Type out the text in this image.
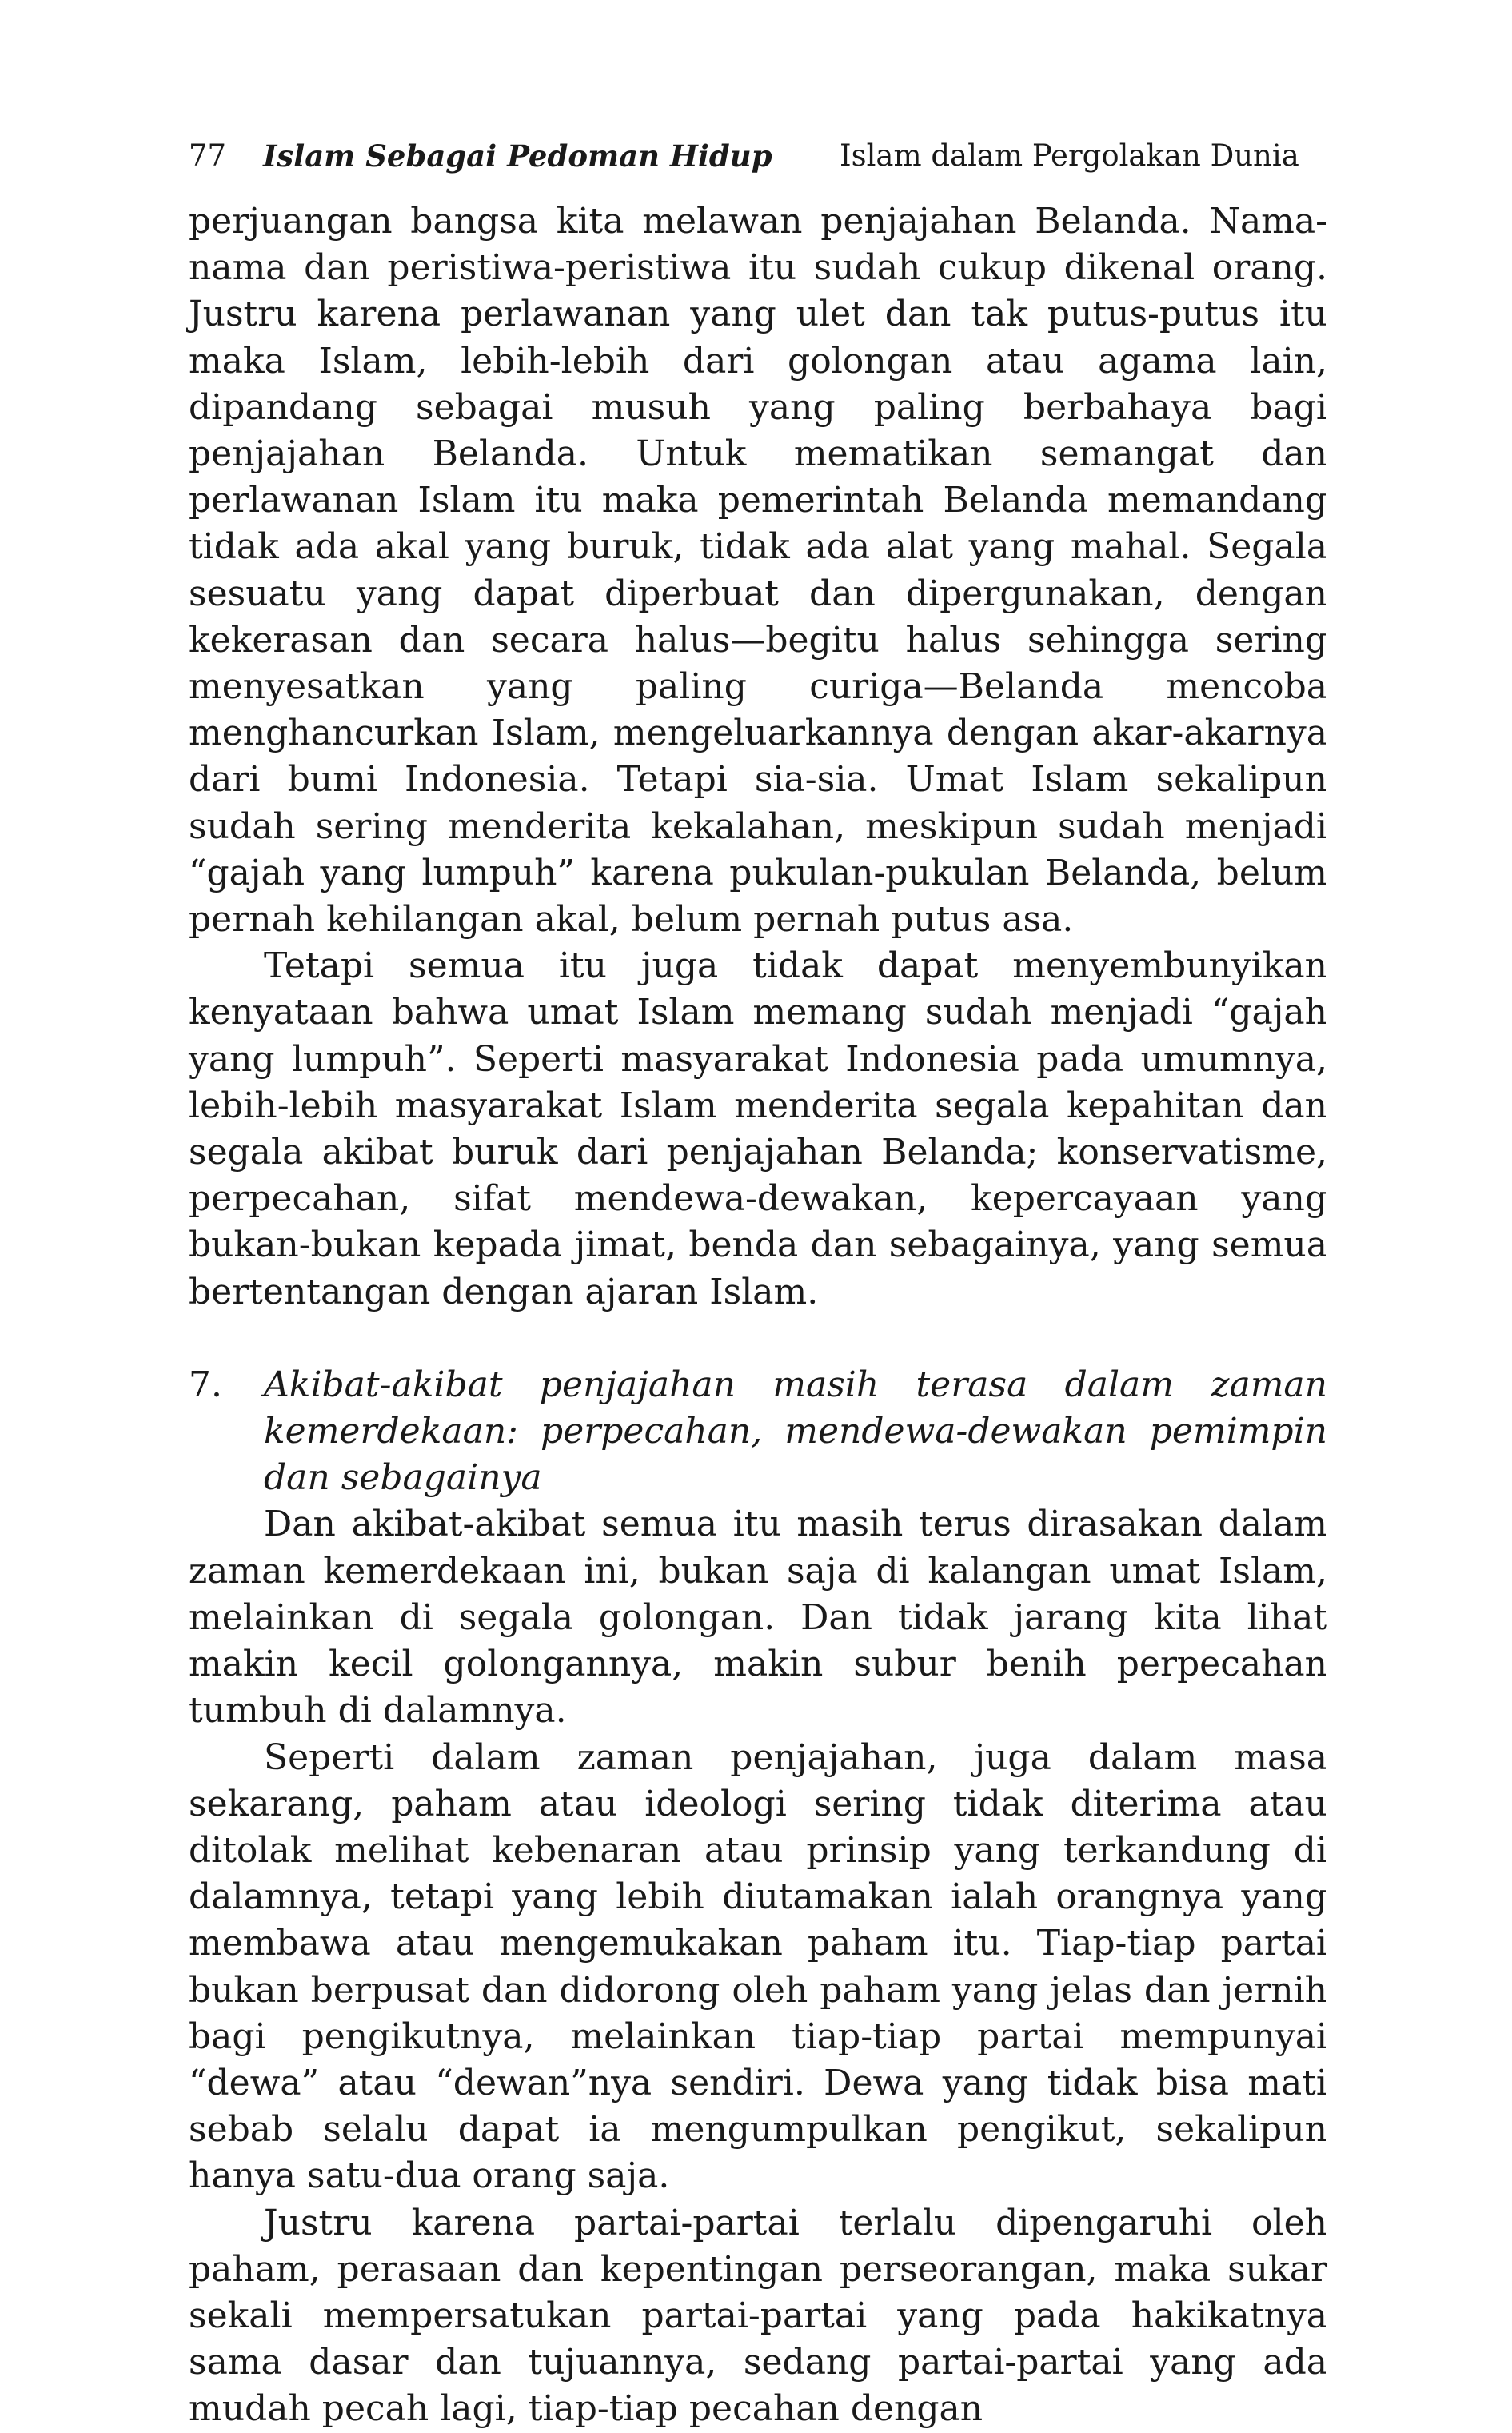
77 Islam Sebagai Pedoman Hidup Islam dalam Pergolakan Dunia

perjuangan bangsa kita melawan penjajahan Belanda. Nama-nama dan peristiwa-peristiwa itu sudah cukup dikenal orang. Justru karena perlawanan yang ulet dan tak putus-putus itu maka Islam, lebih-lebih dari golongan atau agama lain, dipandang sebagai musuh yang paling berbahaya bagi penjajahan Belanda. Untuk mematikan semangat dan perlawanan Islam itu maka pemerintah Belanda memandang tidak ada akal yang buruk, tidak ada alat yang mahal. Segala sesuatu yang dapat diperbuat dan dipergunakan, dengan kekerasan dan secara halus—begitu halus sehingga sering menyesatkan yang paling curiga—Belanda mencoba menghancurkan Islam, mengeluarkannya dengan akar-akarnya dari bumi Indonesia. Tetapi sia-sia. Umat Islam sekalipun sudah sering menderita kekalahan, meskipun sudah menjadi “gajah yang lumpuh” karena pukulan-pukulan Belanda, belum pernah kehilangan akal, belum pernah putus asa.

Tetapi semua itu juga tidak dapat menyembunyikan kenyataan bahwa umat Islam memang sudah menjadi “gajah yang lumpuh”. Seperti masyarakat Indonesia pada umumnya, lebih-lebih masyarakat Islam menderita segala kepahitan dan segala akibat buruk dari penjajahan Belanda; konservatisme, perpecahan, sifat mendewa-dewakan, kepercayaan yang bukan-bukan kepada jimat, benda dan sebagainya, yang semua bertentangan dengan ajaran Islam.

7.	Akibat-akibat penjajahan masih terasa dalam zaman kemerdekaan: perpecahan, mendewa-dewakan pemimpin dan sebagainya

Dan akibat-akibat semua itu masih terus dirasakan dalam zaman kemerdekaan ini, bukan saja di kalangan umat Islam, melainkan di segala golongan. Dan tidak jarang kita lihat makin kecil golongannya, makin subur benih perpecahan tumbuh di dalamnya.

Seperti dalam zaman penjajahan, juga dalam masa sekarang, paham atau ideologi sering tidak diterima atau ditolak melihat kebenaran atau prinsip yang terkandung di dalamnya, tetapi yang lebih diutamakan ialah orangnya yang membawa atau mengemukakan paham itu. Tiap-tiap partai bukan berpusat dan didorong oleh paham yang jelas dan jernih bagi pengikutnya, melainkan tiap-tiap partai mempunyai “dewa” atau “dewan”nya sendiri. Dewa yang tidak bisa mati sebab selalu dapat ia mengumpulkan pengikut, sekalipun hanya satu-dua orang saja.

Justru karena partai-partai terlalu dipengaruhi oleh paham, perasaan dan kepentingan perseorangan, maka sukar sekali mempersatukan partai-partai yang pada hakikatnya sama dasar dan tujuannya, sedang partai-partai yang ada mudah pecah lagi, tiap-tiap pecahan dengan
